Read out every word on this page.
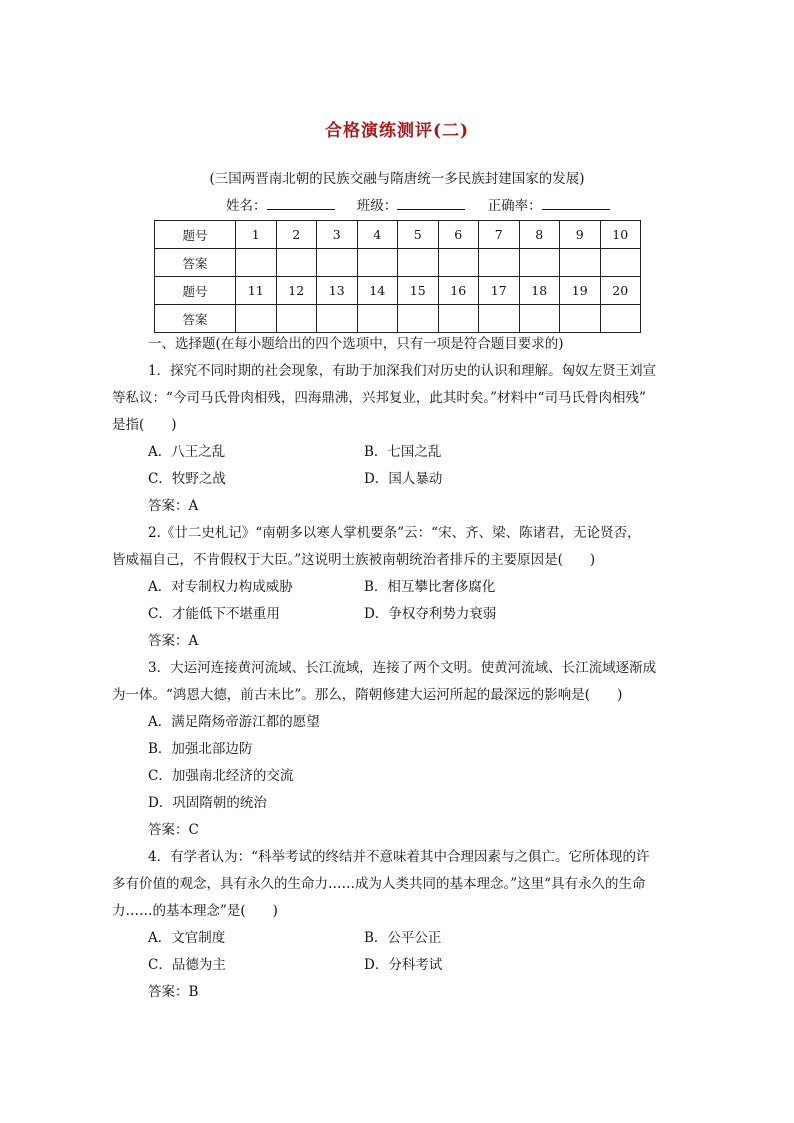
合格演练测评(二)
(三国两晋南北朝的民族交融与隋唐统一多民族封建国家的发展)
姓名：	班级：	正确率：
题号	1	2	3	4	5	6	7	8	9	10
答案										
题号	11	12	13	14	15	16	17	18	19	20
答案										
一、选择题(在每小题给出的四个选项中，只有一项是符合题目要求的)
1．探究不同时期的社会现象，有助于加深我们对历史的认识和理解。匈奴左贤王刘宣
等私议：“今司马氏骨肉相残，四海鼎沸，兴邦复业，此其时矣。”材料中“司马氏骨肉相残”
是指(　　)
A．八王之乱	B．七国之乱
C．牧野之战	D．国人暴动
答案：A
2.《廿二史札记》“南朝多以寒人掌机要条”云：“宋、齐、梁、陈诸君，无论贤否，
皆威福自己，不肯假权于大臣。”这说明士族被南朝统治者排斥的主要原因是(　　)
A．对专制权力构成威胁	B．相互攀比奢侈腐化
C．才能低下不堪重用	D．争权夺利势力衰弱
答案：A
3．大运河连接黄河流域、长江流域，连接了两个文明。使黄河流域、长江流域逐渐成
为一体。“鸿恩大德，前古未比”。那么，隋朝修建大运河所起的最深远的影响是(　　)
A．满足隋炀帝游江都的愿望
B．加强北部边防
C．加强南北经济的交流
D．巩固隋朝的统治
答案：C
4．有学者认为：“科举考试的终结并不意味着其中合理因素与之俱亡。它所体现的许
多有价值的观念，具有永久的生命力……成为人类共同的基本理念。”这里“具有永久的生命
力……的基本理念”是(　　)
A．文官制度	B．公平公正
C．品德为主	D．分科考试
答案：B
